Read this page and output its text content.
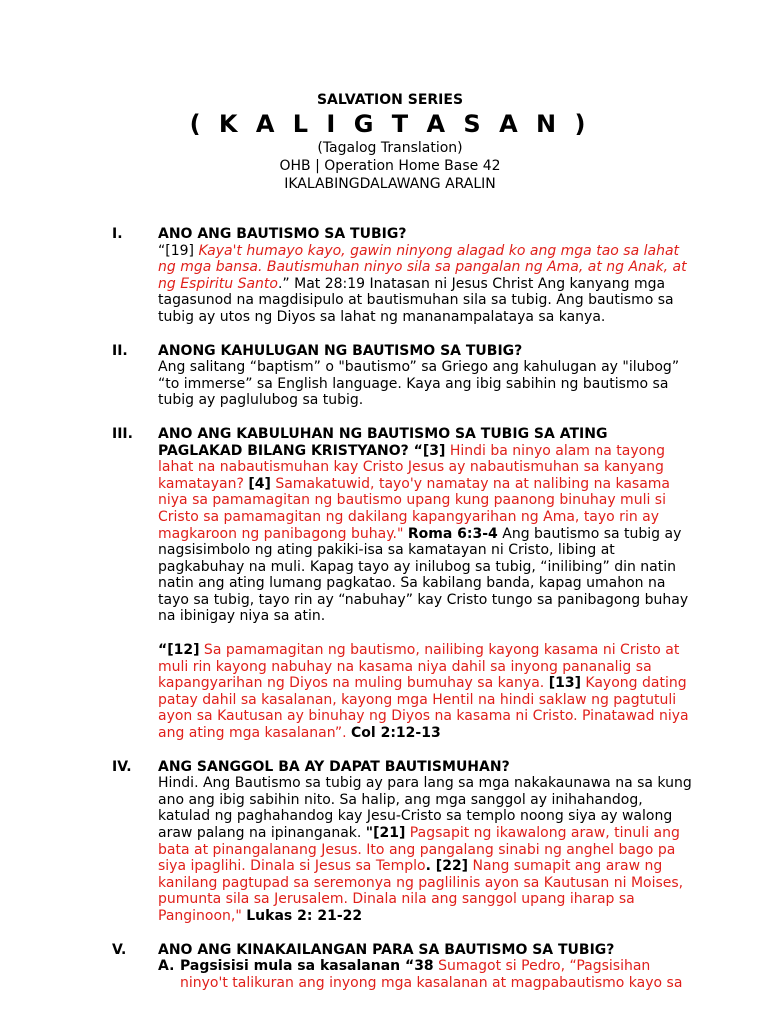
SALVATION SERIES
( K A L I G T A S A N )
(Tagalog Translation)
OHB | Operation Home Base 42
IKALABINGDALAWANG ARALIN
I.	ANO ANG BAUTISMO SA TUBIG?

“[19] Kaya't humayo kayo, gawin ninyong alagad ko ang mga tao sa lahat ng mga bansa. Bautismuhan ninyo sila sa pangalan ng Ama, at ng Anak, at ng Espiritu Santo.” Mat 28:19 Inatasan ni Jesus Christ Ang kanyang mga tagasunod na magdisipulo at bautismuhan sila sa tubig. Ang bautismo sa tubig ay utos ng Diyos sa lahat ng mananampalataya sa kanya.

II. ANONG KAHULUGAN NG BAUTISMO SA TUBIG?

Ang salitang “baptism” o "bautismo” sa Griego ang kahulugan ay "ilubog” “to immerse” sa English language. Kaya ang ibig sabihin ng bautismo sa tubig ay paglulubog sa tubig.

III. ANO ANG KABULUHAN NG BAUTISMO SA TUBIG SA ATING PAGLAKAD BILANG KRISTYANO? “[3] Hindi ba ninyo alam na tayong lahat na nabautismuhan kay Cristo Jesus ay nabautismuhan sa kanyang kamatayan? [4] Samakatuwid, tayo'y namatay na at nalibing na kasama niya sa pamamagitan ng bautismo upang kung paanong binuhay muli si Cristo sa pamamagitan ng dakilang kapangyarihan ng Ama, tayo rin ay magkaroon ng panibagong buhay." Roma 6:3-4 Ang bautismo sa tubig ay nagsisimbolo ng ating pakiki-isa sa kamatayan ni Cristo, libing at pagkabuhay na muli. Kapag tayo ay inilubog sa tubig, “inilibing” din natin natin ang ating lumang pagkatao. Sa kabilang banda, kapag umahon na tayo sa tubig, tayo rin ay “nabuhay” kay Cristo tungo sa panibagong buhay na ibinigay niya sa atin.

“[12] Sa pamamagitan ng bautismo, nailibing kayong kasama ni Cristo at muli rin kayong nabuhay na kasama niya dahil sa inyong pananalig sa kapangyarihan ng Diyos na muling bumuhay sa kanya. [13] Kayong dating patay dahil sa kasalanan, kayong mga Hentil na hindi saklaw ng pagtutuli ayon sa Kautusan ay binuhay ng Diyos na kasama ni Cristo. Pinatawad niya ang ating mga kasalanan”. Col 2:12-13

IV. ANG SANGGOL BA AY DAPAT BAUTISMUHAN?

Hindi. Ang Bautismo sa tubig ay para lang sa mga nakakaunawa na sa kung ano ang ibig sabihin nito. Sa halip, ang mga sanggol ay inihahandog, katulad ng paghahandog kay Jesu-Cristo sa templo noong siya ay walong araw palang na ipinanganak. "[21] Pagsapit ng ikawalong araw, tinuli ang bata at pinangalanang Jesus. Ito ang pangalang sinabi ng anghel bago pa siya ipaglihi. Dinala si Jesus sa Templo. [22] Nang sumapit ang araw ng kanilang pagtupad sa seremonya ng paglilinis ayon sa Kautusan ni Moises, pumunta sila sa Jerusalem. Dinala nila ang sanggol upang iharap sa Panginoon," Lukas 2: 21-22

V. ANO ANG KINAKAILANGAN PARA SA BAUTISMO SA TUBIG?
A. Pagsisisi mula sa kasalanan “38 Sumagot si Pedro, “Pagsisihan ninyo't talikuran ang inyong mga kasalanan at magpabautismo kayo sa
